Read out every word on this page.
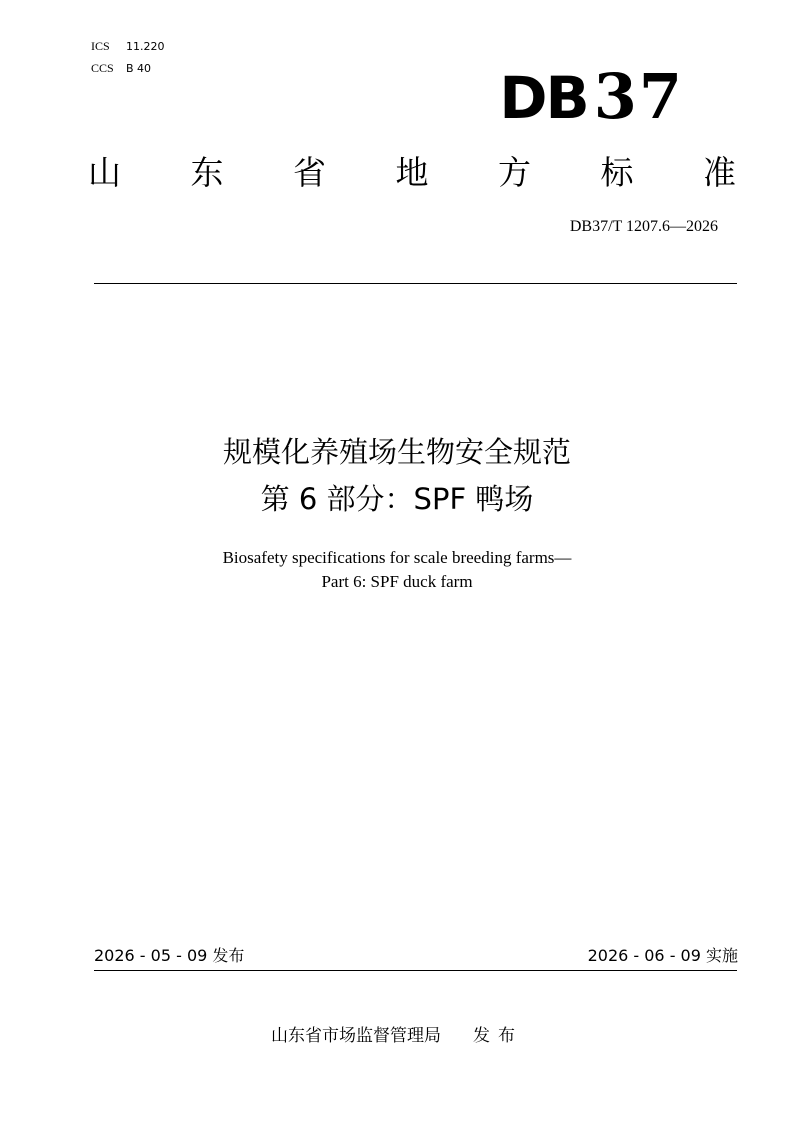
ICS 11.220
CCS B 40	DB37
山 东 省 地 方 标 准
DB37/T 1207.6—2026
规模化养殖场生物安全规范
第 6 部分：SPF 鸭场
Biosafety specifications for scale breeding farms—
Part 6: SPF duck farm
2026 - 05 - 09 发布	2026 - 06 - 09 实施
山东省市场监督管理局 发布
